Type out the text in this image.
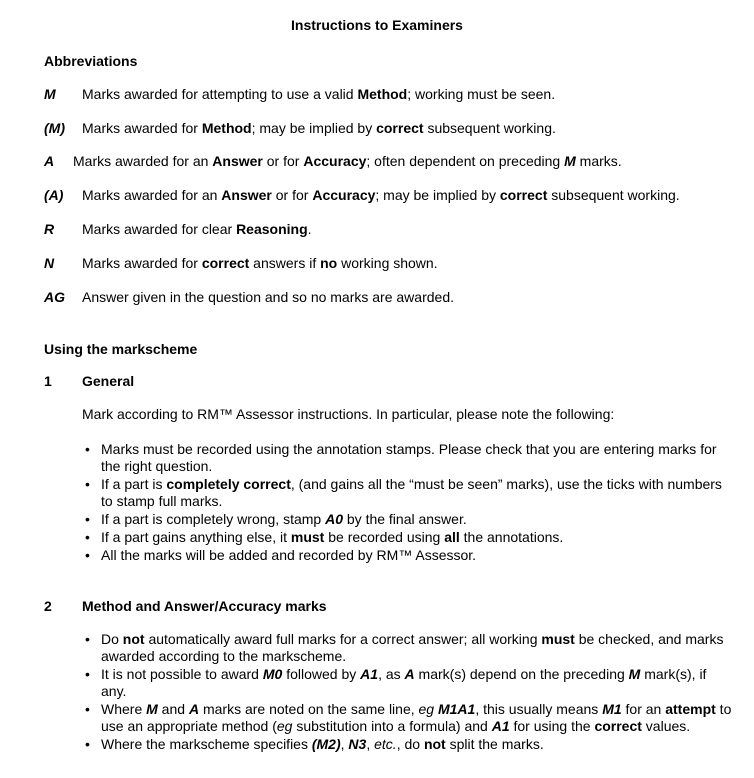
Instructions to Examiners
Abbreviations
M Marks awarded for attempting to use a valid Method; working must be seen.
(M) Marks awarded for Method; may be implied by correct subsequent working.
A Marks awarded for an Answer or for Accuracy; often dependent on preceding M marks.
(A) Marks awarded for an Answer or for Accuracy; may be implied by correct subsequent working.
R Marks awarded for clear Reasoning.
N Marks awarded for correct answers if no working shown.
AG Answer given in the question and so no marks are awarded.
Using the markscheme
1 General
Mark according to RM™ Assessor instructions. In particular, please note the following:
• Marks must be recorded using the annotation stamps. Please check that you are entering marks for the right question.
• If a part is completely correct, (and gains all the “must be seen” marks), use the ticks with numbers to stamp full marks.
• If a part is completely wrong, stamp A0 by the final answer.
• If a part gains anything else, it must be recorded using all the annotations.
• All the marks will be added and recorded by RM™ Assessor.
2 Method and Answer/Accuracy marks
• Do not automatically award full marks for a correct answer; all working must be checked, and marks awarded according to the markscheme.
• It is not possible to award M0 followed by A1, as A mark(s) depend on the preceding M mark(s), if any.
• Where M and A marks are noted on the same line, eg M1A1, this usually means M1 for an attempt to use an appropriate method (eg substitution into a formula) and A1 for using the correct values.
• Where the markscheme specifies (M2), N3, etc., do not split the marks.
